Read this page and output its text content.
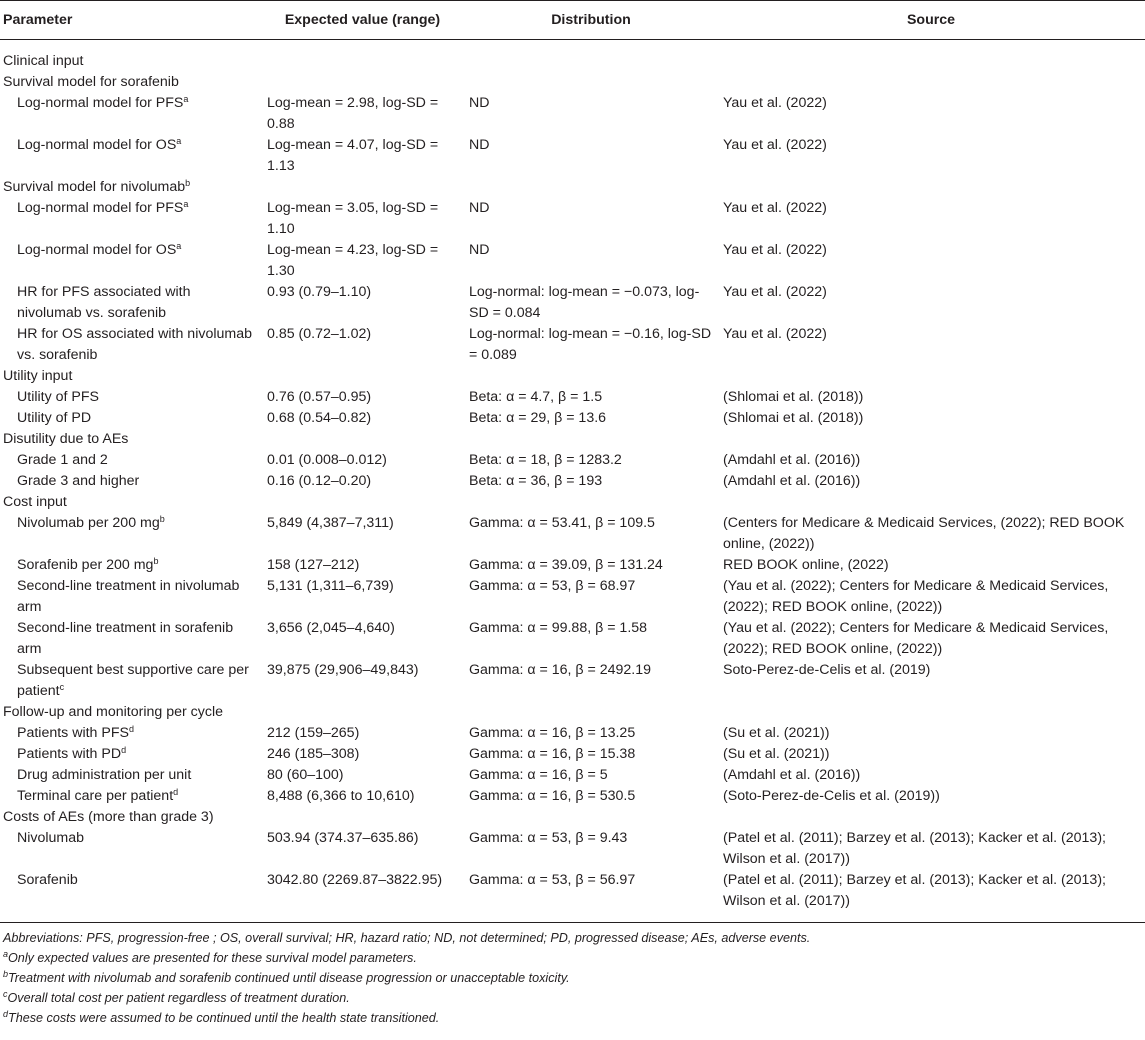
Parameter	Expected value (range)	Distribution	Source
Clinical input			
Survival model for sorafenib			
Log-normal model for PFS$^a$	Log-mean = 2.98, log-SD = 0.88	ND	Yau et al. (2022)
Log-normal model for $OS^a$	Log-mean = 4.07, log-SD = 1.13	ND	Yau et al. (2022)
Survival model for nivolumab$^b$
Log-normal model for PFS$^a$	Log-mean = 3.05, log-SD = 1.10	ND	Yau et al. (2022)
Log-normal model for $OS^a$	Log-mean = 4.23, log-SD = 1.30	ND	Yau et al. (2022)
HR for PFS associated with nivolumab vs. sorafenib	0.93 (0.79–1.10)	Log-normal: log-mean = −0.073, log-SD = 0.084	Yau et al. (2022)
HR for OS associated with nivolumab vs. sorafenib	0.85 (0.72–1.02)	Log-normal: log-mean = −0.16, log-SD = 0.089	Yau et al. (2022)
Utility input			
Utility of PFS	0.76 (0.57–0.95)	Beta: α = 4.7, β = 1.5	(Shlomai et al. (2018))
Utility of PD	0.68 (0.54–0.82)	Beta: α = 29, β = 13.6	(Shlomai et al. (2018))
Disutility due to AEs			
Grade 1 and 2	0.01 (0.008–0.012)	Beta: α = 18, β = 1283.2	(Amdahl et al. (2016))
Grade 3 and higher	0.16 (0.12–0.20)	Beta: α = 36, β = 193	(Amdahl et al. (2016))
Cost input			
Nivolumab per 200 $mg^b$	5,849 (4,387–7,311)	Gamma: α = 53.41, β = 109.5	(Centers for Medicare & Medicaid Services, (2022); RED BOOK online, (2022))
Sorafenib per 200 $mg^b$	158 (127–212)	Gamma: α = 39.09, β = 131.24	RED BOOK online, (2022)
Second-line treatment in nivolumab arm	5,131 (1,311–6,739)	Gamma: α = 53, β = 68.97	(Yau et al. (2022); Centers for Medicare & Medicaid Services, (2022); RED BOOK online, (2022))
Second-line treatment in sorafenib arm	3,656 (2,045–4,640)	Gamma: α = 99.88, β = 1.58	(Yau et al. (2022); Centers for Medicare & Medicaid Services, (2022); RED BOOK online, (2022))
Subsequent best supportive care per patient$^c$	39,875 (29,906–49,843)	Gamma: α = 16, β = 2492.19	Soto-Perez-de-Celis et al. (2019)
Follow-up and monitoring per cycle			
Patients with PFS$^d$	212 (159–265)	Gamma: α = 16, β = 13.25	(Su et al. (2021))
Patients with $PD^d$	246 (185–308)	Gamma: α = 16, β = 15.38	(Su et al. (2021))
Drug administration per unit	80 (60–100)	Gamma: α = 16, β = 5	(Amdahl et al. (2016))
Terminal care per patient$^d$	8,488 (6,366 to 10,610)	Gamma: α = 16, β = 530.5	(Soto-Perez-de-Celis et al. (2019))
Costs of AEs (more than grade 3)			
Nivolumab	503.94 (374.37–635.86)	Gamma: α = 53, β = 9.43	(Patel et al. (2011); Barzey et al. (2013); Kacker et al. (2013); Wilson et al. (2017))
Sorafenib	3042.80 (2269.87–3822.95)	Gamma: α = 53, β = 56.97	(Patel et al. (2011); Barzey et al. (2013); Kacker et al. (2013); Wilson et al. (2017))
Abbreviations: PFS, progression-free ; OS, overall survival; HR, hazard ratio; ND, not determined; PD, progressed disease; AEs, adverse events.
$^a$Only expected values are presented for these survival model parameters.
$^b$Treatment with nivolumab and sorafenib continued until disease progression or unacceptable toxicity.
$^c$Overall total cost per patient regardless of treatment duration.
$^d$These costs were assumed to be continued until the health state transitioned.
